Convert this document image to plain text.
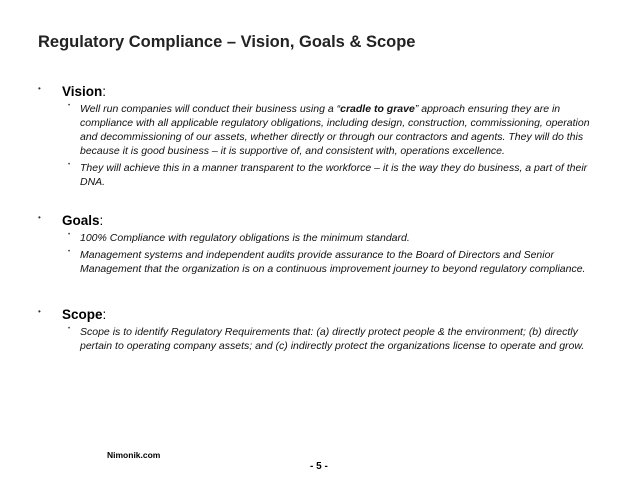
Regulatory Compliance – Vision, Goals & Scope
• Vision:
• Well run companies will conduct their business using a “cradle to grave” approach ensuring they are in compliance with all applicable regulatory obligations, including design, construction, commissioning, operation and decommissioning of our assets, whether directly or through our contractors and agents. They will do this because it is good business – it is supportive of, and consistent with, operations excellence.
• They will achieve this in a manner transparent to the workforce – it is the way they do business, a part of their DNA.
• Goals:
• 100% Compliance with regulatory obligations is the minimum standard.
• Management systems and independent audits provide assurance to the Board of Directors and Senior Management that the organization is on a continuous improvement journey to beyond regulatory compliance.
• Scope:
• Scope is to identify Regulatory Requirements that: (a) directly protect people & the environment; (b) directly pertain to operating company assets; and (c) indirectly protect the organizations license to operate and grow.
Nimonik.com
- 5 -
